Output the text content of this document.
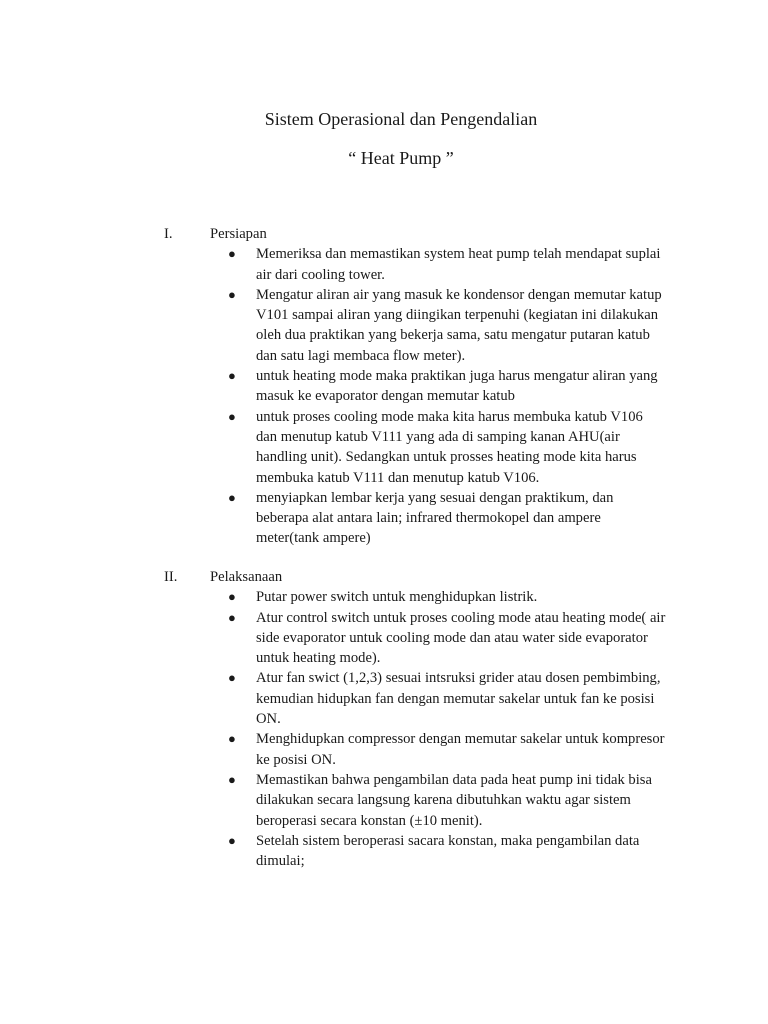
Sistem Operasional dan Pengendalian
“ Heat Pump ”
I.	Persiapan
● Memeriksa dan memastikan system heat pump telah mendapat suplai air dari cooling tower.
● Mengatur aliran air yang masuk ke kondensor dengan memutar katup V101 sampai aliran yang diingikan terpenuhi (kegiatan ini dilakukan oleh dua praktikan yang bekerja sama, satu mengatur putaran katub dan satu lagi membaca flow meter).
● untuk heating mode maka praktikan juga harus mengatur aliran yang masuk ke evaporator dengan memutar katub
● untuk proses cooling mode maka kita harus membuka katub V106 dan menutup katub V111 yang ada di samping kanan AHU(air handling unit). Sedangkan untuk prosses heating mode kita harus membuka katub V111 dan menutup katub V106.
● menyiapkan lembar kerja yang sesuai dengan praktikum, dan beberapa alat antara lain; infrared thermokopel dan ampere meter(tank ampere)
II. Pelaksanaan
● Putar power switch untuk menghidupkan listrik.
● Atur control switch untuk proses cooling mode atau heating mode( air side evaporator untuk cooling mode dan atau water side evaporator untuk heating mode).
● Atur fan swict (1,2,3) sesuai intsruksi grider atau dosen pembimbing, kemudian hidupkan fan dengan memutar sakelar untuk fan ke posisi ON.
● Menghidupkan compressor dengan memutar sakelar untuk kompresor ke posisi ON.
● Memastikan bahwa pengambilan data pada heat pump ini tidak bisa dilakukan secara langsung karena dibutuhkan waktu agar sistem beroperasi secara konstan (±10 menit).
● Setelah sistem beroperasi sacara konstan, maka pengambilan data dimulai;
